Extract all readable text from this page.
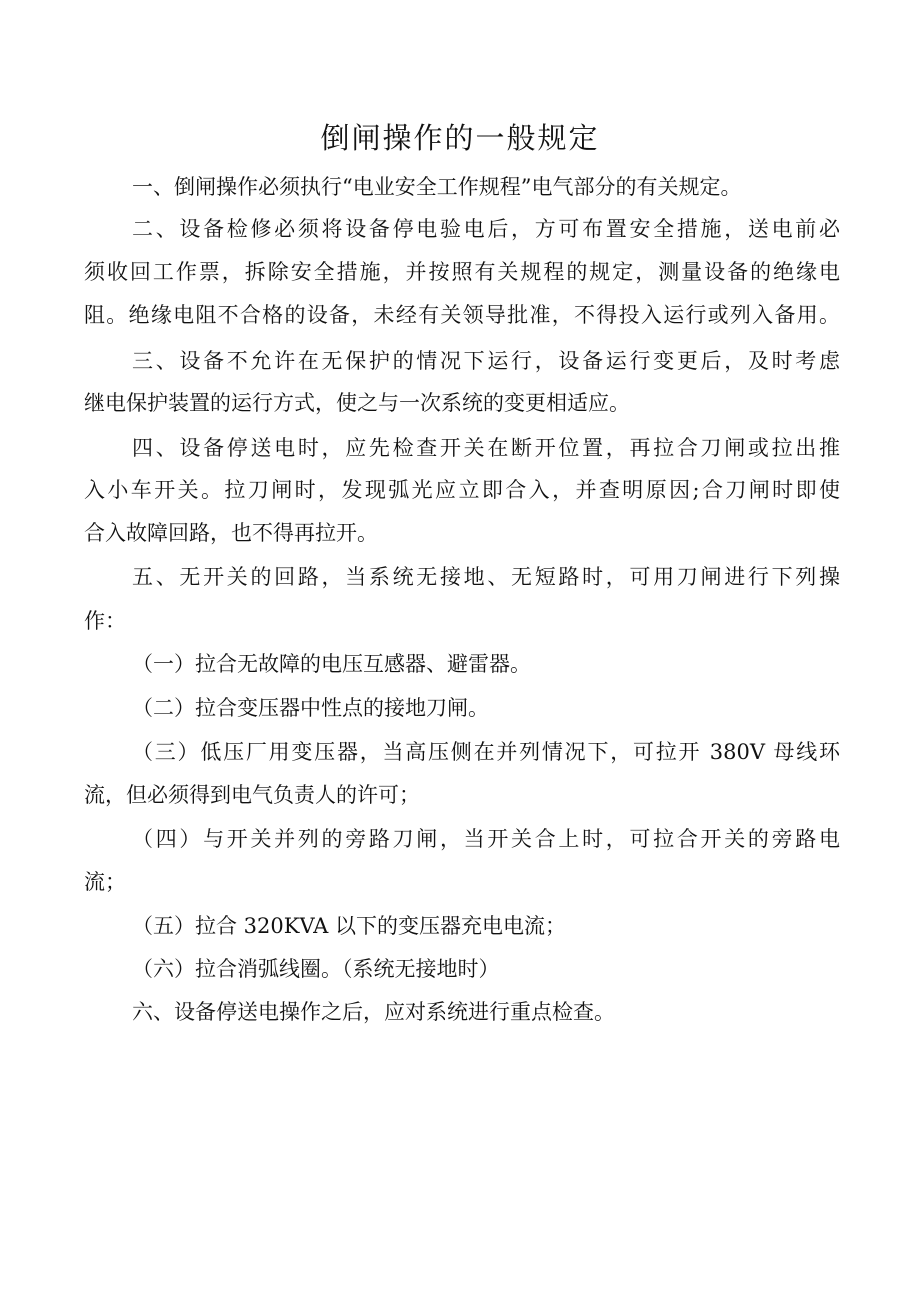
倒闸操作的一般规定

一、倒闸操作必须执行“电业安全工作规程”电气部分的有关规定。

二、设备检修必须将设备停电验电后，方可布置安全措施，送电前必

须收回工作票，拆除安全措施，并按照有关规程的规定，测量设备的绝缘电

阻。绝缘电阻不合格的设备，未经有关领导批准，不得投入运行或列入备用。

三、设备不允许在无保护的情况下运行，设备运行变更后，及时考虑

继电保护装置的运行方式，使之与一次系统的变更相适应。

四、设备停送电时，应先检查开关在断开位置，再拉合刀闸或拉出推

入小车开关。拉刀闸时，发现弧光应立即合入，并查明原因;合刀闸时即使

合入故障回路，也不得再拉开。

五、无开关的回路，当系统无接地、无短路时，可用刀闸进行下列操

作：

（一）拉合无故障的电压互感器、避雷器。

（二）拉合变压器中性点的接地刀闸。

（三）低压厂用变压器，当高压侧在并列情况下，可拉开 380V 母线环

流，但必须得到电气负责人的许可；

（四）与开关并列的旁路刀闸，当开关合上时，可拉合开关的旁路电

流；

（五）拉合 320KVA 以下的变压器充电电流；

（六）拉合消弧线圈。（系统无接地时）

六、设备停送电操作之后，应对系统进行重点检查。
